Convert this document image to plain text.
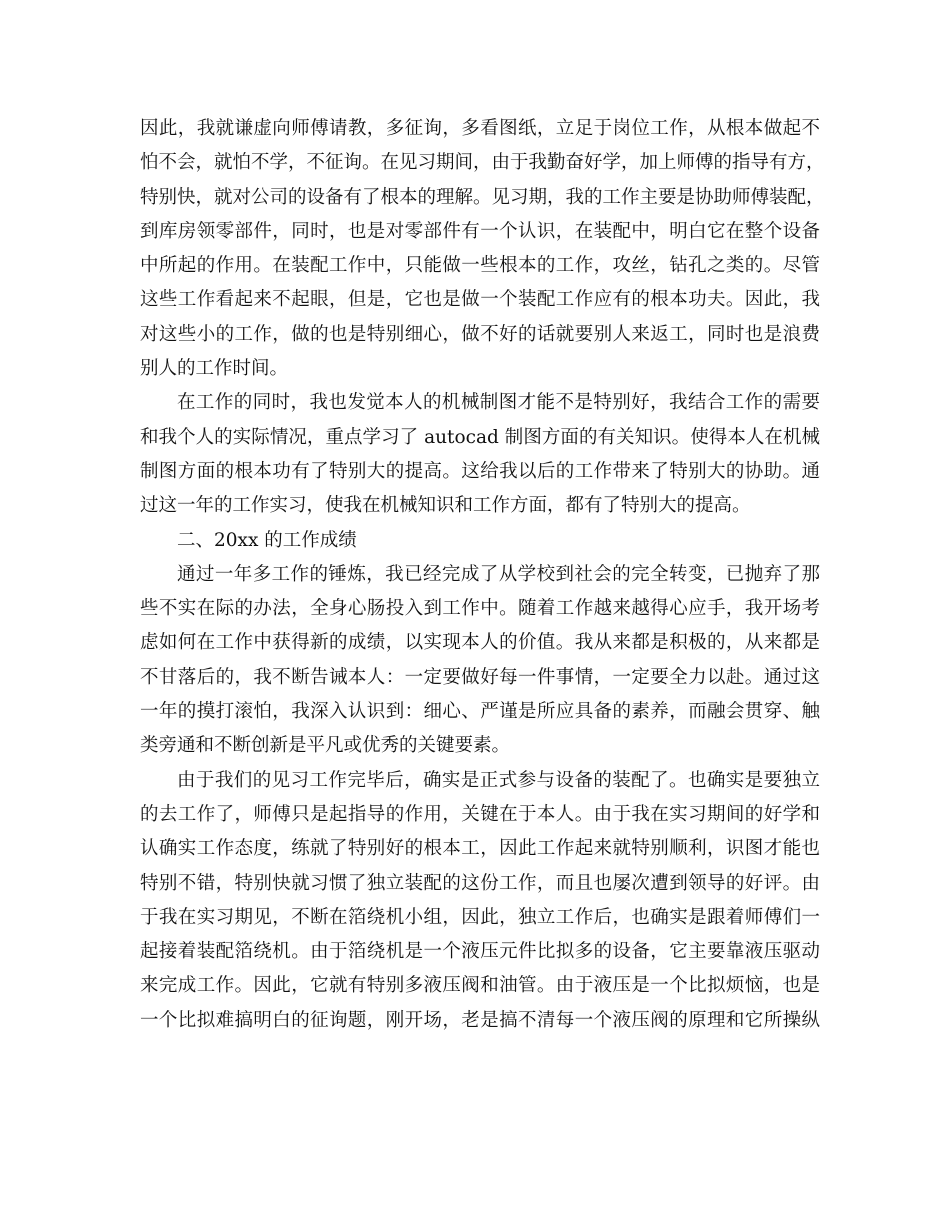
因此，我就谦虚向师傅请教，多征询，多看图纸，立足于岗位工作，从根本做起不
怕不会，就怕不学，不征询。在见习期间，由于我勤奋好学，加上师傅的指导有方，
特别快，就对公司的设备有了根本的理解。见习期，我的工作主要是协助师傅装配，
到库房领零部件，同时，也是对零部件有一个认识，在装配中，明白它在整个设备
中所起的作用。在装配工作中，只能做一些根本的工作，攻丝，钻孔之类的。尽管
这些工作看起来不起眼，但是，它也是做一个装配工作应有的根本功夫。因此，我
对这些小的工作，做的也是特别细心，做不好的话就要别人来返工，同时也是浪费
别人的工作时间。
在工作的同时，我也发觉本人的机械制图才能不是特别好，我结合工作的需要
和我个人的实际情况，重点学习了 autocad 制图方面的有关知识。使得本人在机械
制图方面的根本功有了特别大的提高。这给我以后的工作带来了特别大的协助。通
过这一年的工作实习，使我在机械知识和工作方面，都有了特别大的提高。
二、20xx 的工作成绩
通过一年多工作的锤炼，我已经完成了从学校到社会的完全转变，已抛弃了那
些不实在际的办法，全身心肠投入到工作中。随着工作越来越得心应手，我开场考
虑如何在工作中获得新的成绩，以实现本人的价值。我从来都是积极的，从来都是
不甘落后的，我不断告诫本人：一定要做好每一件事情，一定要全力以赴。通过这
一年的摸打滚怕，我深入认识到：细心、严谨是所应具备的素养，而融会贯穿、触
类旁通和不断创新是平凡或优秀的关键要素。
由于我们的见习工作完毕后，确实是正式参与设备的装配了。也确实是要独立
的去工作了，师傅只是起指导的作用，关键在于本人。由于我在实习期间的好学和
认确实工作态度，练就了特别好的根本工，因此工作起来就特别顺利，识图才能也
特别不错，特别快就习惯了独立装配的这份工作，而且也屡次遭到领导的好评。由
于我在实习期见，不断在箔绕机小组，因此，独立工作后，也确实是跟着师傅们一
起接着装配箔绕机。由于箔绕机是一个液压元件比拟多的设备，它主要靠液压驱动
来完成工作。因此，它就有特别多液压阀和油管。由于液压是一个比拟烦恼，也是
一个比拟难搞明白的征询题，刚开场，老是搞不清每一个液压阀的原理和它所操纵
